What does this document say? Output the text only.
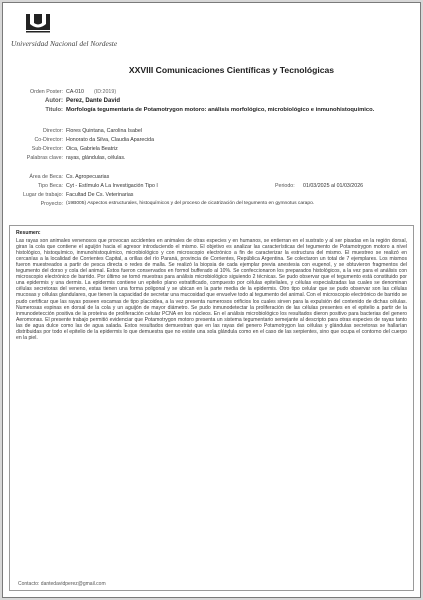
Universidad Nacional del Nordeste
XXVIII Comunicaciones Científicas y Tecnológicas
Orden Poster: CA-010 (ID:2019)
Autor: Perez, Dante David
Titulo: Morfología tegumentaria de Potamotrygon motoro: análisis morfológico, microbiológico e inmunohistoquímico.
Director: Flores Quintana, Carolina Isabel
Co-Director: Honorato da Silva, Claudia Aparecida
Sub-Director: Oica, Gabriela Beatriz
Palabras clave: rayas, glándulas, células.
Área de Beca: Cs. Agropecuarias
Tipo Beca: Cyt - Estímulo A La Investigación Tipo I	Periodo: 01/03/2025 al 01/03/2026
Lugar de trabajo: Facultad De Cs. Veterinarias
Proyecto: (19B005) Aspectos estructurales, histoquímicos y del proceso de cicatrización del tegumento en gymnotus carapo.
Resumen:
Las rayas son animales venenosos que provocan accidentes en animales de otras especies y en humanos, se entierran en el sustrato y al ser pisadas en la región dorsal, giran la cola que contiene el aguijón hacia el agresor introduciendo el mismo. El objetivo es analizar las características del tegumento de Potamotrygon motoro a nivel histológico, histoquímico, inmunohistoquímico, microbiológico y con microscopio electrónico a fin de caracterizar la estructura del mismo. El muestreo se realizó en cercanías a la localidad de Corrientes Capital, a orillas del río Paraná, provincia de Corrientes, República Argentina. Se colectaron un total de 7 ejemplares. Los mismos fueron muestreados a partir de pesca directa o redes de malla. Se realizó la biopsia de cada ejemplar previa anestesia con eugenol, y se obtuvieron fragmentos del tegumento del dorso y cola del animal. Estos fueron conservados en formol bufferado al 10%. Se confeccionaron los preparados histológicos, a la vez para el análisis con microscopio electrónico de barrido. Por último se tomó muestras para análisis microbiológico siguiendo 2 técnicas. Se pudo observar que el tegumento está constituido por una epidermis y una dermis. La epidermis contiene un epitelio plano estratificado, compuesto por células epiteliales, y células especializadas las cuales se denominan células secretoras del veneno, estas tienen una forma poligonal y se ubican en la parte media de la epidermis. Otro tipo celular que se pudo observar son las células mucosas y células glandulares, que tienen la capacidad de secretar una mucosidad que envuelve todo al tegumento del animal. Con el microscopio electrónico de barrido se pudo certificar que las rayas poseen escamas de tipo placoidea, a la vez presenta numerosos orificios los cuales sirven para la expulsión del contenido de dichas células. Numerosas espinas en dorsal de la cola y un aguijón de mayor diámetro. Se pudo inmunodetectar la proliferación de las células presentes en el epitelio a partir de la inmunodetección positiva de la proteína de proliferación celular PCNA en los núcleos. En el análisis microbiológico los resultados dieron positivo para bacterias del genero Aeromonas. El presente trabajo permitió evidenciar que Potamotrygon motoro presenta un sistema tegumentario semejante al descripto para otras especies de rayas tanto las de agua dulce como las de agua salada. Estos resultados demuestran que en las rayas del genero Potamotrygon las células y glándulas secretoras se hallarían distribuidas por todo el epitelio de la epidermis lo que demuestra que no existe una sola glándula como en el caso de las serpientes, sino que ocupa el contorno del cuerpo en la piel.
Contacto: dantedavidperez@gmail.com
